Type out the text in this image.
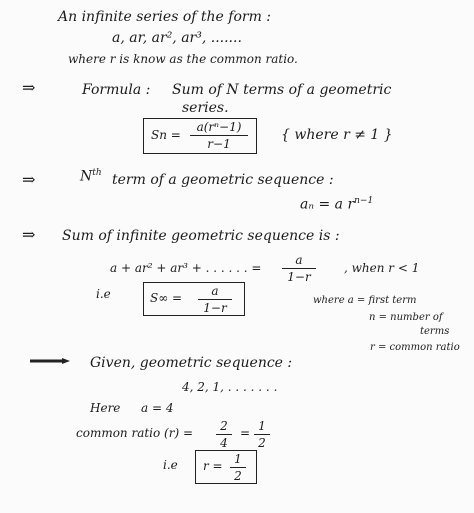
An infinite series of the form :
a, ar, ar², ar³, .......
where r is know as the common ratio.
⇒	Formula : Sum of N terms of a geometric
series.
$Sn = \frac{\text{a(rⁿ−1)}}{r-1}$ { where r ≠ 1 }
⇒	$N^{th}$ term of a geometric sequence :
aₙ = a $r^{n-1}$
⇒ Sum of infinite geometric sequence is :
a + ar² + ar³ + . . . . . . = $\frac{a}{1-r}$ , when r < 1
i.e	$S\infty = \frac{a}{1-r}$	where a = first term
n = number of
terms
r = common ratio
Given, geometric sequence :
4, 2, 1, . . . . . . .
Here a = 4
common ratio $(r) = \frac{2}{4} = \frac{1}{2}$
i.e $r = \frac{1}{2}$
